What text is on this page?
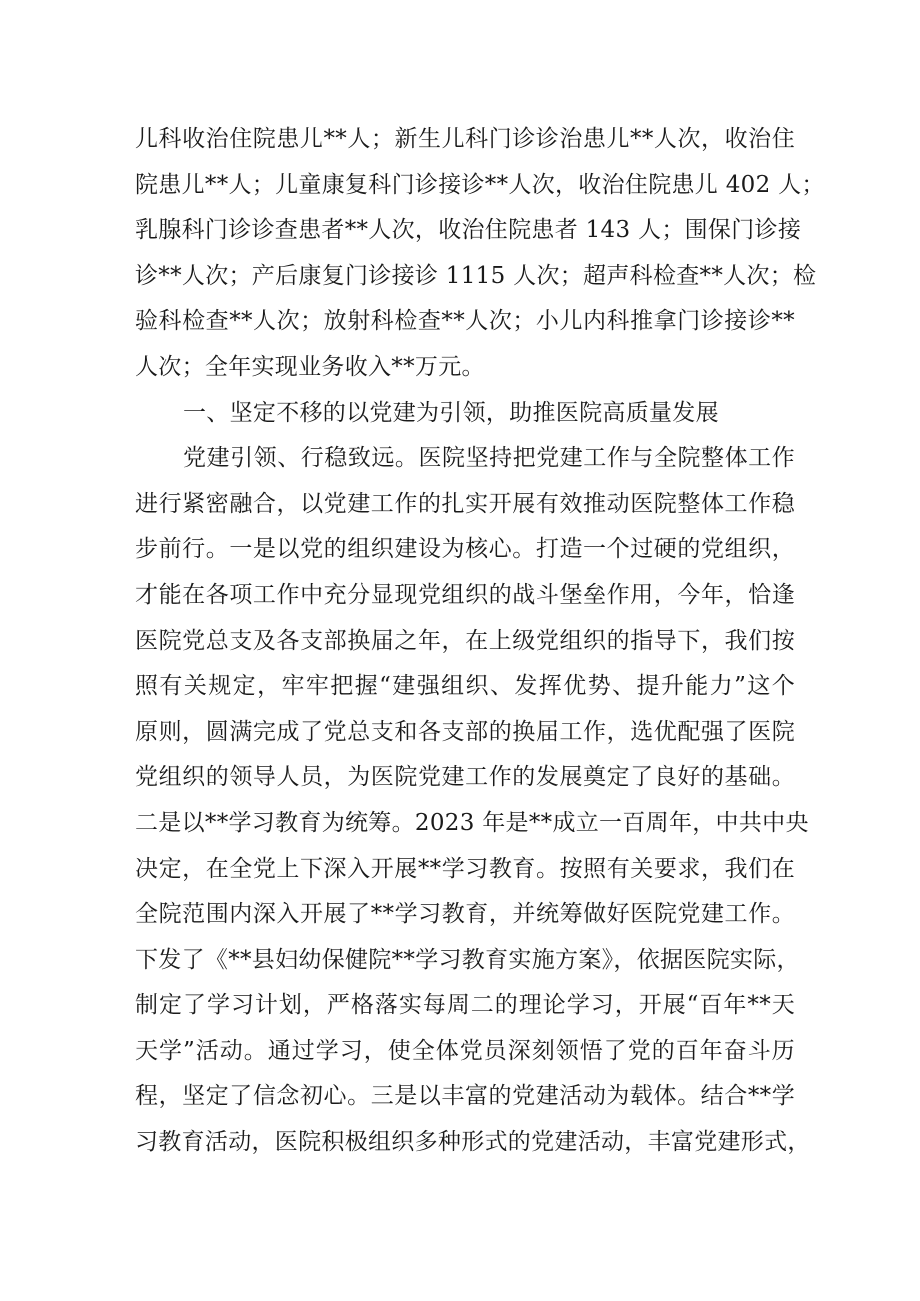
儿科收治住院患儿**人；新生儿科门诊诊治患儿**人次，收治住
院患儿**人；儿童康复科门诊接诊**人次，收治住院患儿 402 人；
乳腺科门诊诊查患者**人次，收治住院患者 143 人；围保门诊接
诊**人次；产后康复门诊接诊 1115 人次；超声科检查**人次；检
验科检查**人次；放射科检查**人次；小儿内科推拿门诊接诊**
人次；全年实现业务收入**万元。
一、坚定不移的以党建为引领，助推医院高质量发展
党建引领、行稳致远。医院坚持把党建工作与全院整体工作
进行紧密融合，以党建工作的扎实开展有效推动医院整体工作稳
步前行。一是以党的组织建设为核心。打造一个过硬的党组织，
才能在各项工作中充分显现党组织的战斗堡垒作用，今年，恰逢
医院党总支及各支部换届之年，在上级党组织的指导下，我们按
照有关规定，牢牢把握“建强组织、发挥优势、提升能力”这个
原则，圆满完成了党总支和各支部的换届工作，选优配强了医院
党组织的领导人员，为医院党建工作的发展奠定了良好的基础。
二是以**学习教育为统筹。2023 年是**成立一百周年，中共中央
决定，在全党上下深入开展**学习教育。按照有关要求，我们在
全院范围内深入开展了**学习教育，并统筹做好医院党建工作。
下发了《**县妇幼保健院**学习教育实施方案》，依据医院实际，
制定了学习计划，严格落实每周二的理论学习，开展“百年**天
天学”活动。通过学习，使全体党员深刻领悟了党的百年奋斗历
程，坚定了信念初心。三是以丰富的党建活动为载体。结合**学
习教育活动，医院积极组织多种形式的党建活动，丰富党建形式，
